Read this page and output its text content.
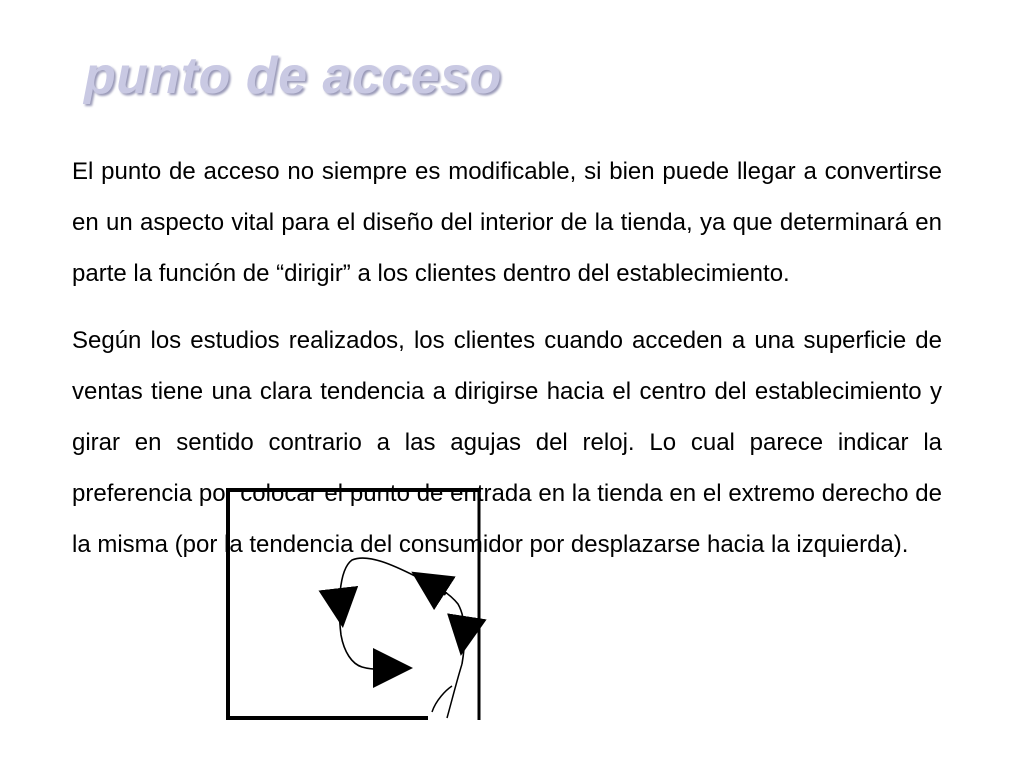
punto de acceso

El punto de acceso no siempre es modificable, si bien puede llegar a convertirse en un aspecto vital para el diseño del interior de la tienda, ya que determinará en parte la función de “dirigir” a los clientes dentro del establecimiento.

Según los estudios realizados, los clientes cuando acceden a una superficie de ventas tiene una clara tendencia a dirigirse hacia el centro del establecimiento y girar en sentido contrario a las agujas del reloj. Lo cual parece indicar la preferencia por colocar el punto de entrada en la tienda en el extremo derecho de la misma (por la tendencia del consumidor por desplazarse hacia la izquierda).
